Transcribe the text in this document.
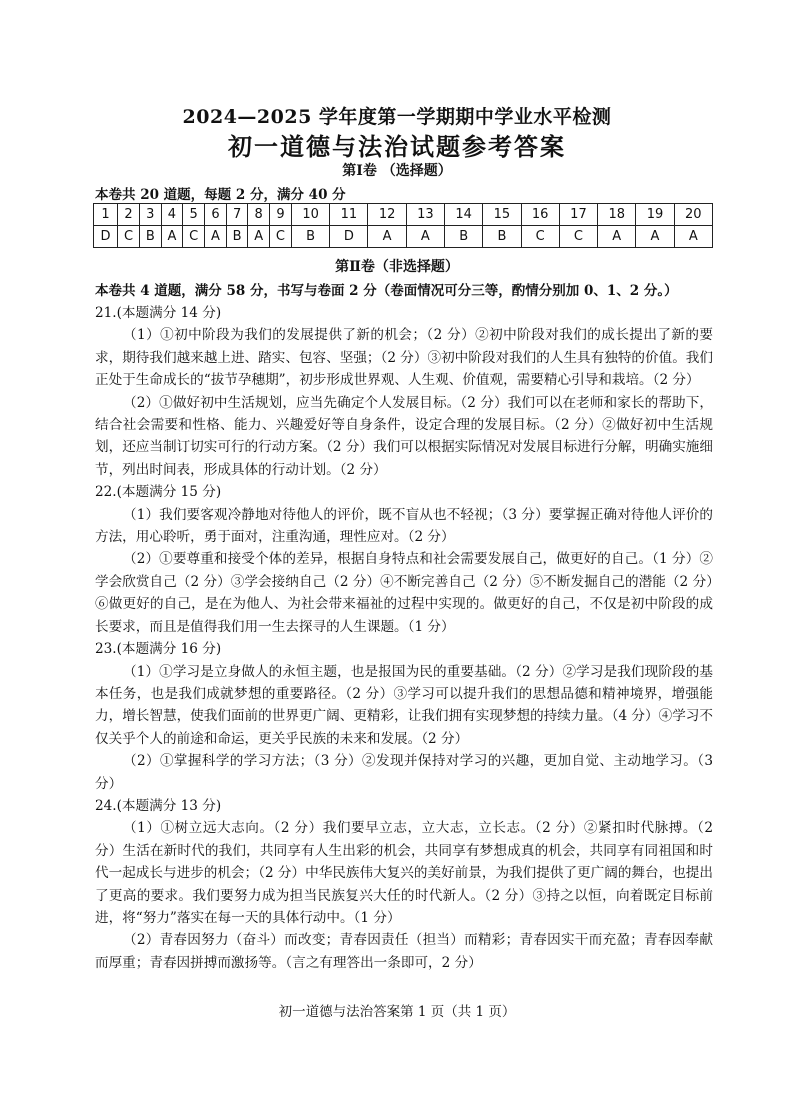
2024—2025 学年度第一学期期中学业水平检测
初一道德与法治试题参考答案
第Ⅰ卷 （选择题）
本卷共 20 道题，每题 2 分，满分 40 分
1	2	3	4	5	6	7	8	9	10	11	12	13	14	15	16	17	18	19	20
D	C	B	A	C	A	B	A	C	B	D	A	A	B	B	C	C	A	A	A
第Ⅱ卷（非选择题）
本卷共 4 道题，满分 58 分，书写与卷面 2 分（卷面情况可分三等，酌情分别加 0、1、2 分。）

21.(本题满分 14 分)

（1）①初中阶段为我们的发展提供了新的机会；（2 分）②初中阶段对我们的成长提出了新的要求，期待我们越来越上进、踏实、包容、坚强；（2 分）③初中阶段对我们的人生具有独特的价值。我们正处于生命成长的“拔节孕穗期”，初步形成世界观、人生观、价值观，需要精心引导和栽培。（2 分）

（2）①做好初中生活规划，应当先确定个人发展目标。（2 分）我们可以在老师和家长的帮助下，结合社会需要和性格、能力、兴趣爱好等自身条件，设定合理的发展目标。（2 分）②做好初中生活规划，还应当制订切实可行的行动方案。（2 分）我们可以根据实际情况对发展目标进行分解，明确实施细节，列出时间表，形成具体的行动计划。（2 分）

22.(本题满分 15 分)

（1）我们要客观冷静地对待他人的评价，既不盲从也不轻视；（3 分）要掌握正确对待他人评价的方法，用心聆听，勇于面对，注重沟通，理性应对。（2 分）

（2）①要尊重和接受个体的差异，根据自身特点和社会需要发展自己，做更好的自己。（1 分）②学会欣赏自己（2 分）③学会接纳自己（2 分）④不断完善自己（2 分）⑤不断发掘自己的潜能（2 分）⑥做更好的自己，是在为他人、为社会带来福祉的过程中实现的。做更好的自己，不仅是初中阶段的成长要求，而且是值得我们用一生去探寻的人生课题。（1 分）

23.(本题满分 16 分)

（1）①学习是立身做人的永恒主题，也是报国为民的重要基础。（2 分）②学习是我们现阶段的基本任务，也是我们成就梦想的重要路径。（2 分）③学习可以提升我们的思想品德和精神境界，增强能力，增长智慧，使我们面前的世界更广阔、更精彩，让我们拥有实现梦想的持续力量。（4 分）④学习不仅关乎个人的前途和命运，更关乎民族的未来和发展。（2 分）

（2）①掌握科学的学习方法；（3 分）②发现并保持对学习的兴趣，更加自觉、主动地学习。（3 分）

24.(本题满分 13 分)

（1）①树立远大志向。（2 分）我们要早立志，立大志，立长志。（2 分）②紧扣时代脉搏。（2 分）生活在新时代的我们，共同享有人生出彩的机会，共同享有梦想成真的机会，共同享有同祖国和时代一起成长与进步的机会；（2 分）中华民族伟大复兴的美好前景，为我们提供了更广阔的舞台，也提出了更高的要求。我们要努力成为担当民族复兴大任的时代新人。（2 分）③持之以恒，向着既定目标前进，将“努力”落实在每一天的具体行动中。（1 分）

（2）青春因努力（奋斗）而改变；青春因责任（担当）而精彩；青春因实干而充盈；青春因奉献而厚重；青春因拼搏而激扬等。（言之有理答出一条即可，2 分）

初一道德与法治答案第 1 页（共 1 页）
